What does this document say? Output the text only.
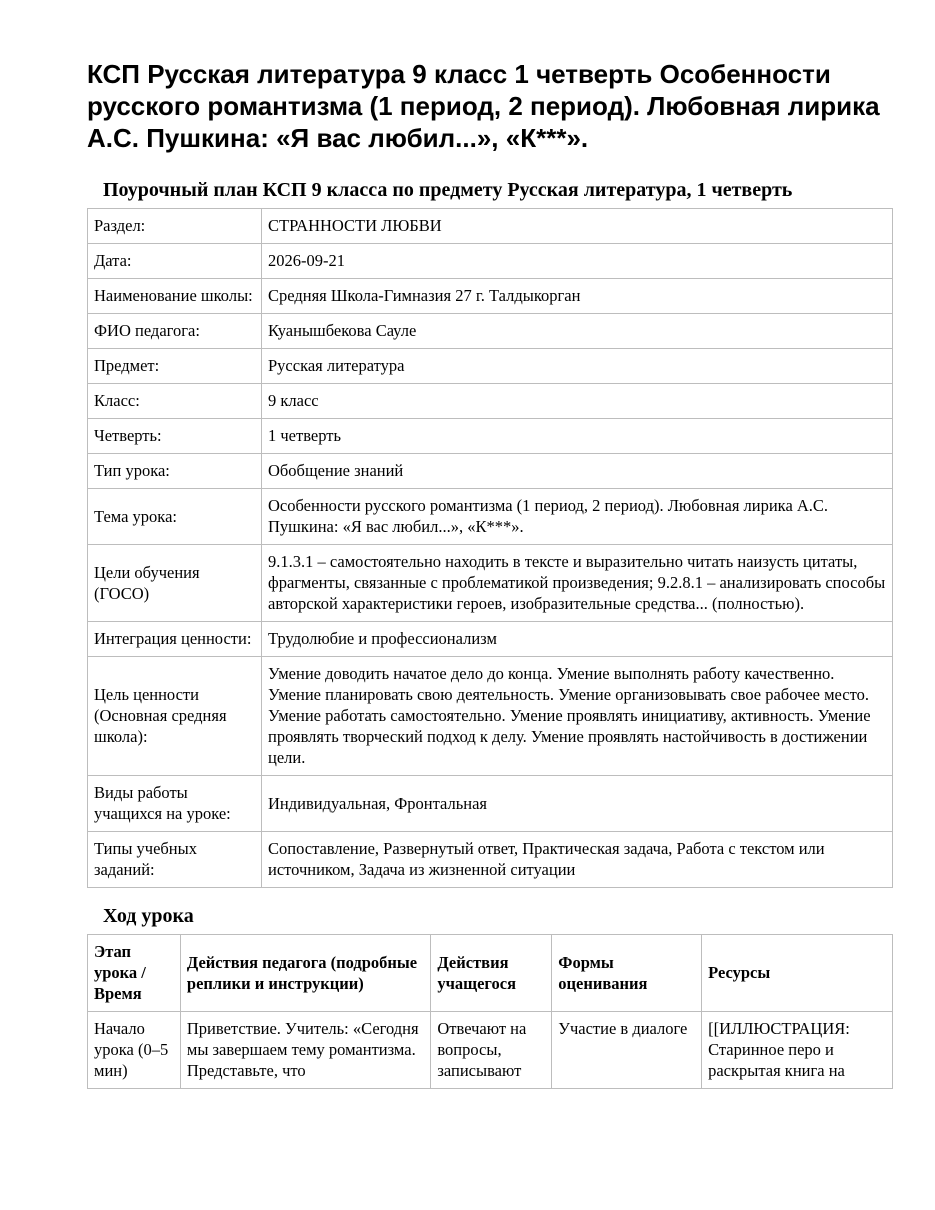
КСП Русская литература 9 класс 1 четверть Особенности русского романтизма (1 период, 2 период). Любовная лирика А.С. Пушкина: «Я вас любил...», «К***».
Поурочный план КСП 9 класса по предмету Русская литература, 1 четверть
Раздел:	СТРАННОСТИ ЛЮБВИ
Дата:	2026-09-21
Наименование школы:	Средняя Школа-Гимназия 27 г. Талдыкорган
ФИО педагога:	Куанышбекова Сауле
Предмет:	Русская литература
Класс:	9 класс
Четверть:	1 четверть
Тип урока:	Обобщение знаний
Тема урока:	Особенности русского романтизма (1 период, 2 период). Любовная лирика А.С. Пушкина: «Я вас любил...», «К***».
Цели обучения (ГОСО)	9.1.3.1 – самостоятельно находить в тексте и выразительно читать наизусть цитаты, фрагменты, связанные с проблематикой произведения; 9.2.8.1 – анализировать способы авторской характеристики героев, изобразительные средства... (полностью).
Интеграция ценности:	Трудолюбие и профессионализм
Цель ценности (Основная средняя школа):	Умение доводить начатое дело до конца. Умение выполнять работу качественно. Умение планировать свою деятельность. Умение организовывать свое рабочее место. Умение работать самостоятельно. Умение проявлять инициативу, активность. Умение проявлять творческий подход к делу. Умение проявлять настойчивость в достижении цели.
Виды работы учащихся на уроке:	Индивидуальная, Фронтальная
Типы учебных заданий:	Сопоставление, Развернутый ответ, Практическая задача, Работа с текстом или источником, Задача из жизненной ситуации
Ход урока
Этап урока / Время	Действия педагога (подробные реплики и инструкции)	Действия учащегося	Формы оценивания	Ресурсы
Начало урока (0–5 мин)	Приветствие. Учитель: «Сегодня мы завершаем тему романтизма. Представьте, что	Отвечают на вопросы, записывают	Участие в диалоге	[[ИЛЛЮСТРАЦИЯ: Старинное перо и раскрытая книга на
